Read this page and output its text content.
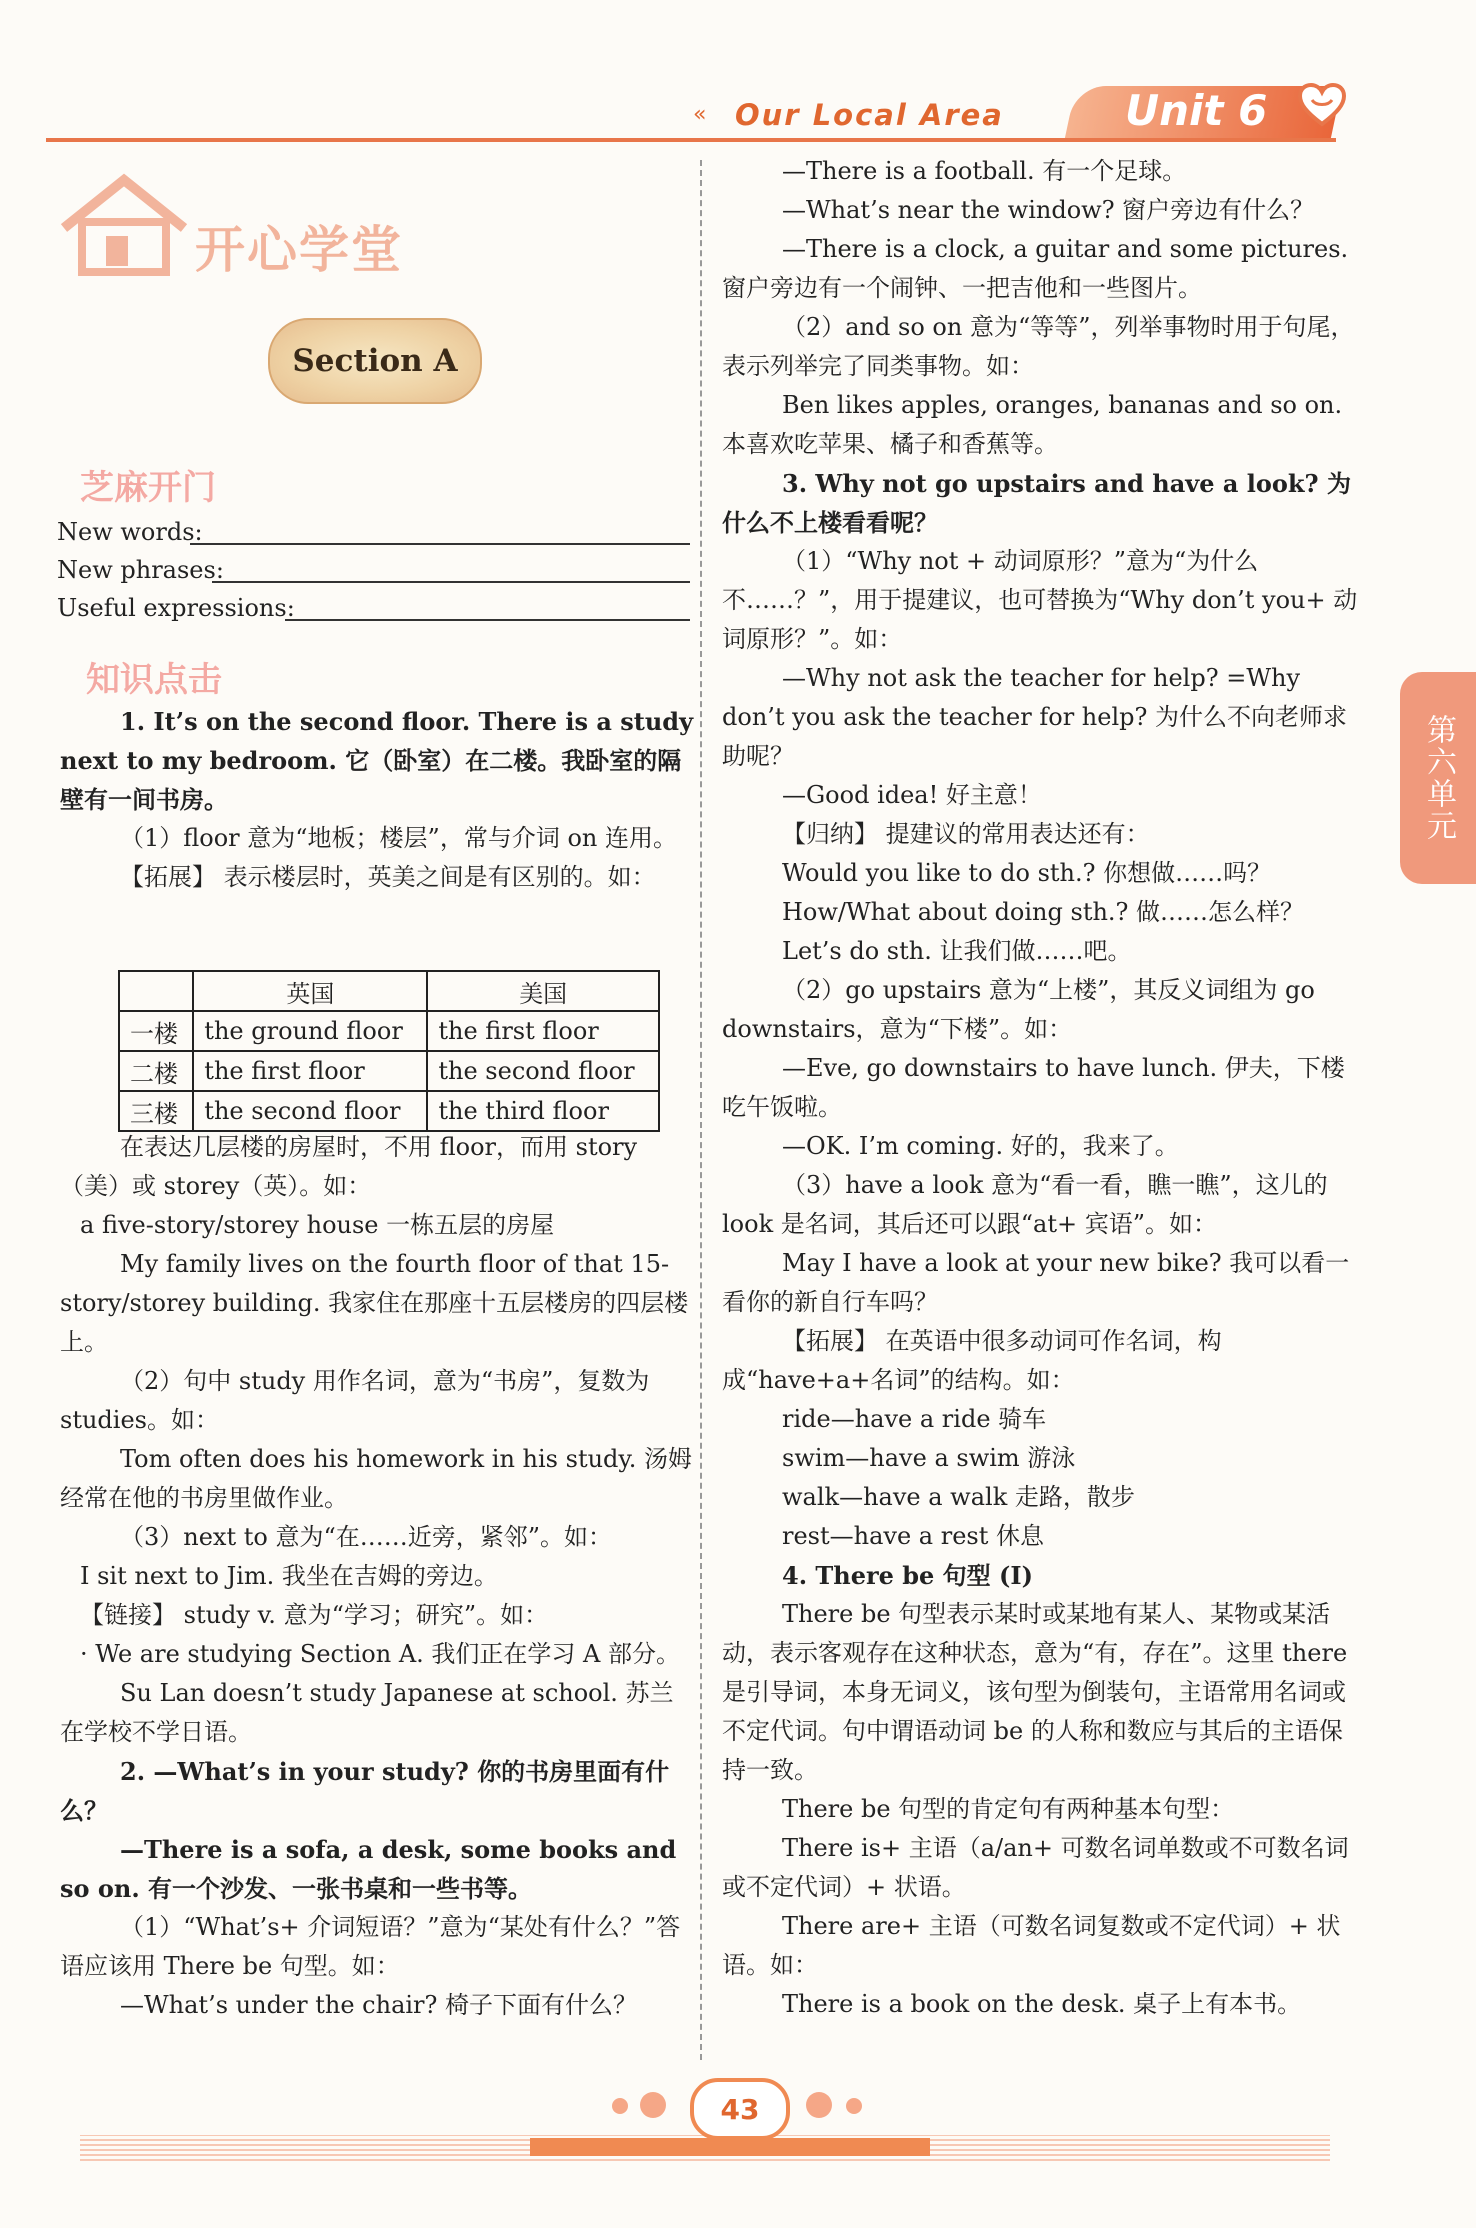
« Our Local Area	Unit 6
开心学堂
Section A
芝麻开门
New words:
New phrases:
Useful expressions:
知识点击

1. It’s on the second floor. There is a study next to my bedroom. 它（卧室）在二楼。我卧室的隔壁有一间书房。

（1）floor 意为“地板；楼层”，常与介词 on 连用。

【拓展】 表示楼层时，英美之间是有区别的。如：

	英国	美国
一楼	the ground floor	the first floor
二楼	the first floor	the second floor
三楼	the second floor	the third floor

在表达几层楼的房屋时，不用 floor，而用 story（美）或 storey（英）。如：

a five-story/storey house 一栋五层的房屋

My family lives on the fourth floor of that 15-story/storey building. 我家住在那座十五层楼房的四层楼上。

（2）句中 study 用作名词，意为“书房”，复数为 studies。如：

Tom often does his homework in his study. 汤姆经常在他的书房里做作业。

（3）next to 意为“在……近旁，紧邻”。如：

I sit next to Jim. 我坐在吉姆的旁边。

【链接】 study v. 意为“学习；研究”。如：

· We are studying Section A. 我们正在学习 A 部分。

Su Lan doesn’t study Japanese at school. 苏兰在学校不学日语。

2. —What’s in your study? 你的书房里面有什么？

—There is a sofa, a desk, some books and so on. 有一个沙发、一张书桌和一些书等。

（1）“What’s+ 介词短语？”意为“某处有什么？”答语应该用 There be 句型。如：

—What’s under the chair? 椅子下面有什么？

—There is a football. 有一个足球。

—What’s near the window? 窗户旁边有什么？

—There is a clock, a guitar and some pictures. 窗户旁边有一个闹钟、一把吉他和一些图片。

（2）and so on 意为“等等”，列举事物时用于句尾，表示列举完了同类事物。如：

Ben likes apples, oranges, bananas and so on. 本喜欢吃苹果、橘子和香蕉等。

3. Why not go upstairs and have a look? 为什么不上楼看看呢？

（1）“Why not + 动词原形？”意为“为什么不……？”，用于提建议，也可替换为“Why don’t you+ 动词原形？”。如：

—Why not ask the teacher for help? =Why don’t you ask the teacher for help? 为什么不向老师求助呢？

—Good idea! 好主意！

【归纳】 提建议的常用表达还有：

Would you like to do sth.? 你想做……吗？

How/What about doing sth.? 做……怎么样？

Let’s do sth. 让我们做……吧。

（2）go upstairs 意为“上楼”，其反义词组为 go downstairs，意为“下楼”。如：

—Eve, go downstairs to have lunch. 伊夫，下楼吃午饭啦。

—OK. I’m coming. 好的，我来了。

（3）have a look 意为“看一看，瞧一瞧”，这儿的 look 是名词，其后还可以跟“at+ 宾语”。如：

May I have a look at your new bike? 我可以看一看你的新自行车吗？

【拓展】 在英语中很多动词可作名词，构成“have+a+名词”的结构。如：

ride—have a ride 骑车

swim—have a swim 游泳

walk—have a walk 走路，散步

rest—have a rest 休息

4. There be 句型 (I)

There be 句型表示某时或某地有某人、某物或某活动，表示客观存在这种状态，意为“有，存在”。这里 there 是引导词，本身无词义，该句型为倒装句，主语常用名词或不定代词。句中谓语动词 be 的人称和数应与其后的主语保持一致。

There be 句型的肯定句有两种基本句型：

There is+ 主语（a/an+ 可数名词单数或不可数名词或不定代词）+ 状语。

There are+ 主语（可数名词复数或不定代词）+ 状语。如：

There is a book on the desk. 桌子上有本书。

第六单元
43
